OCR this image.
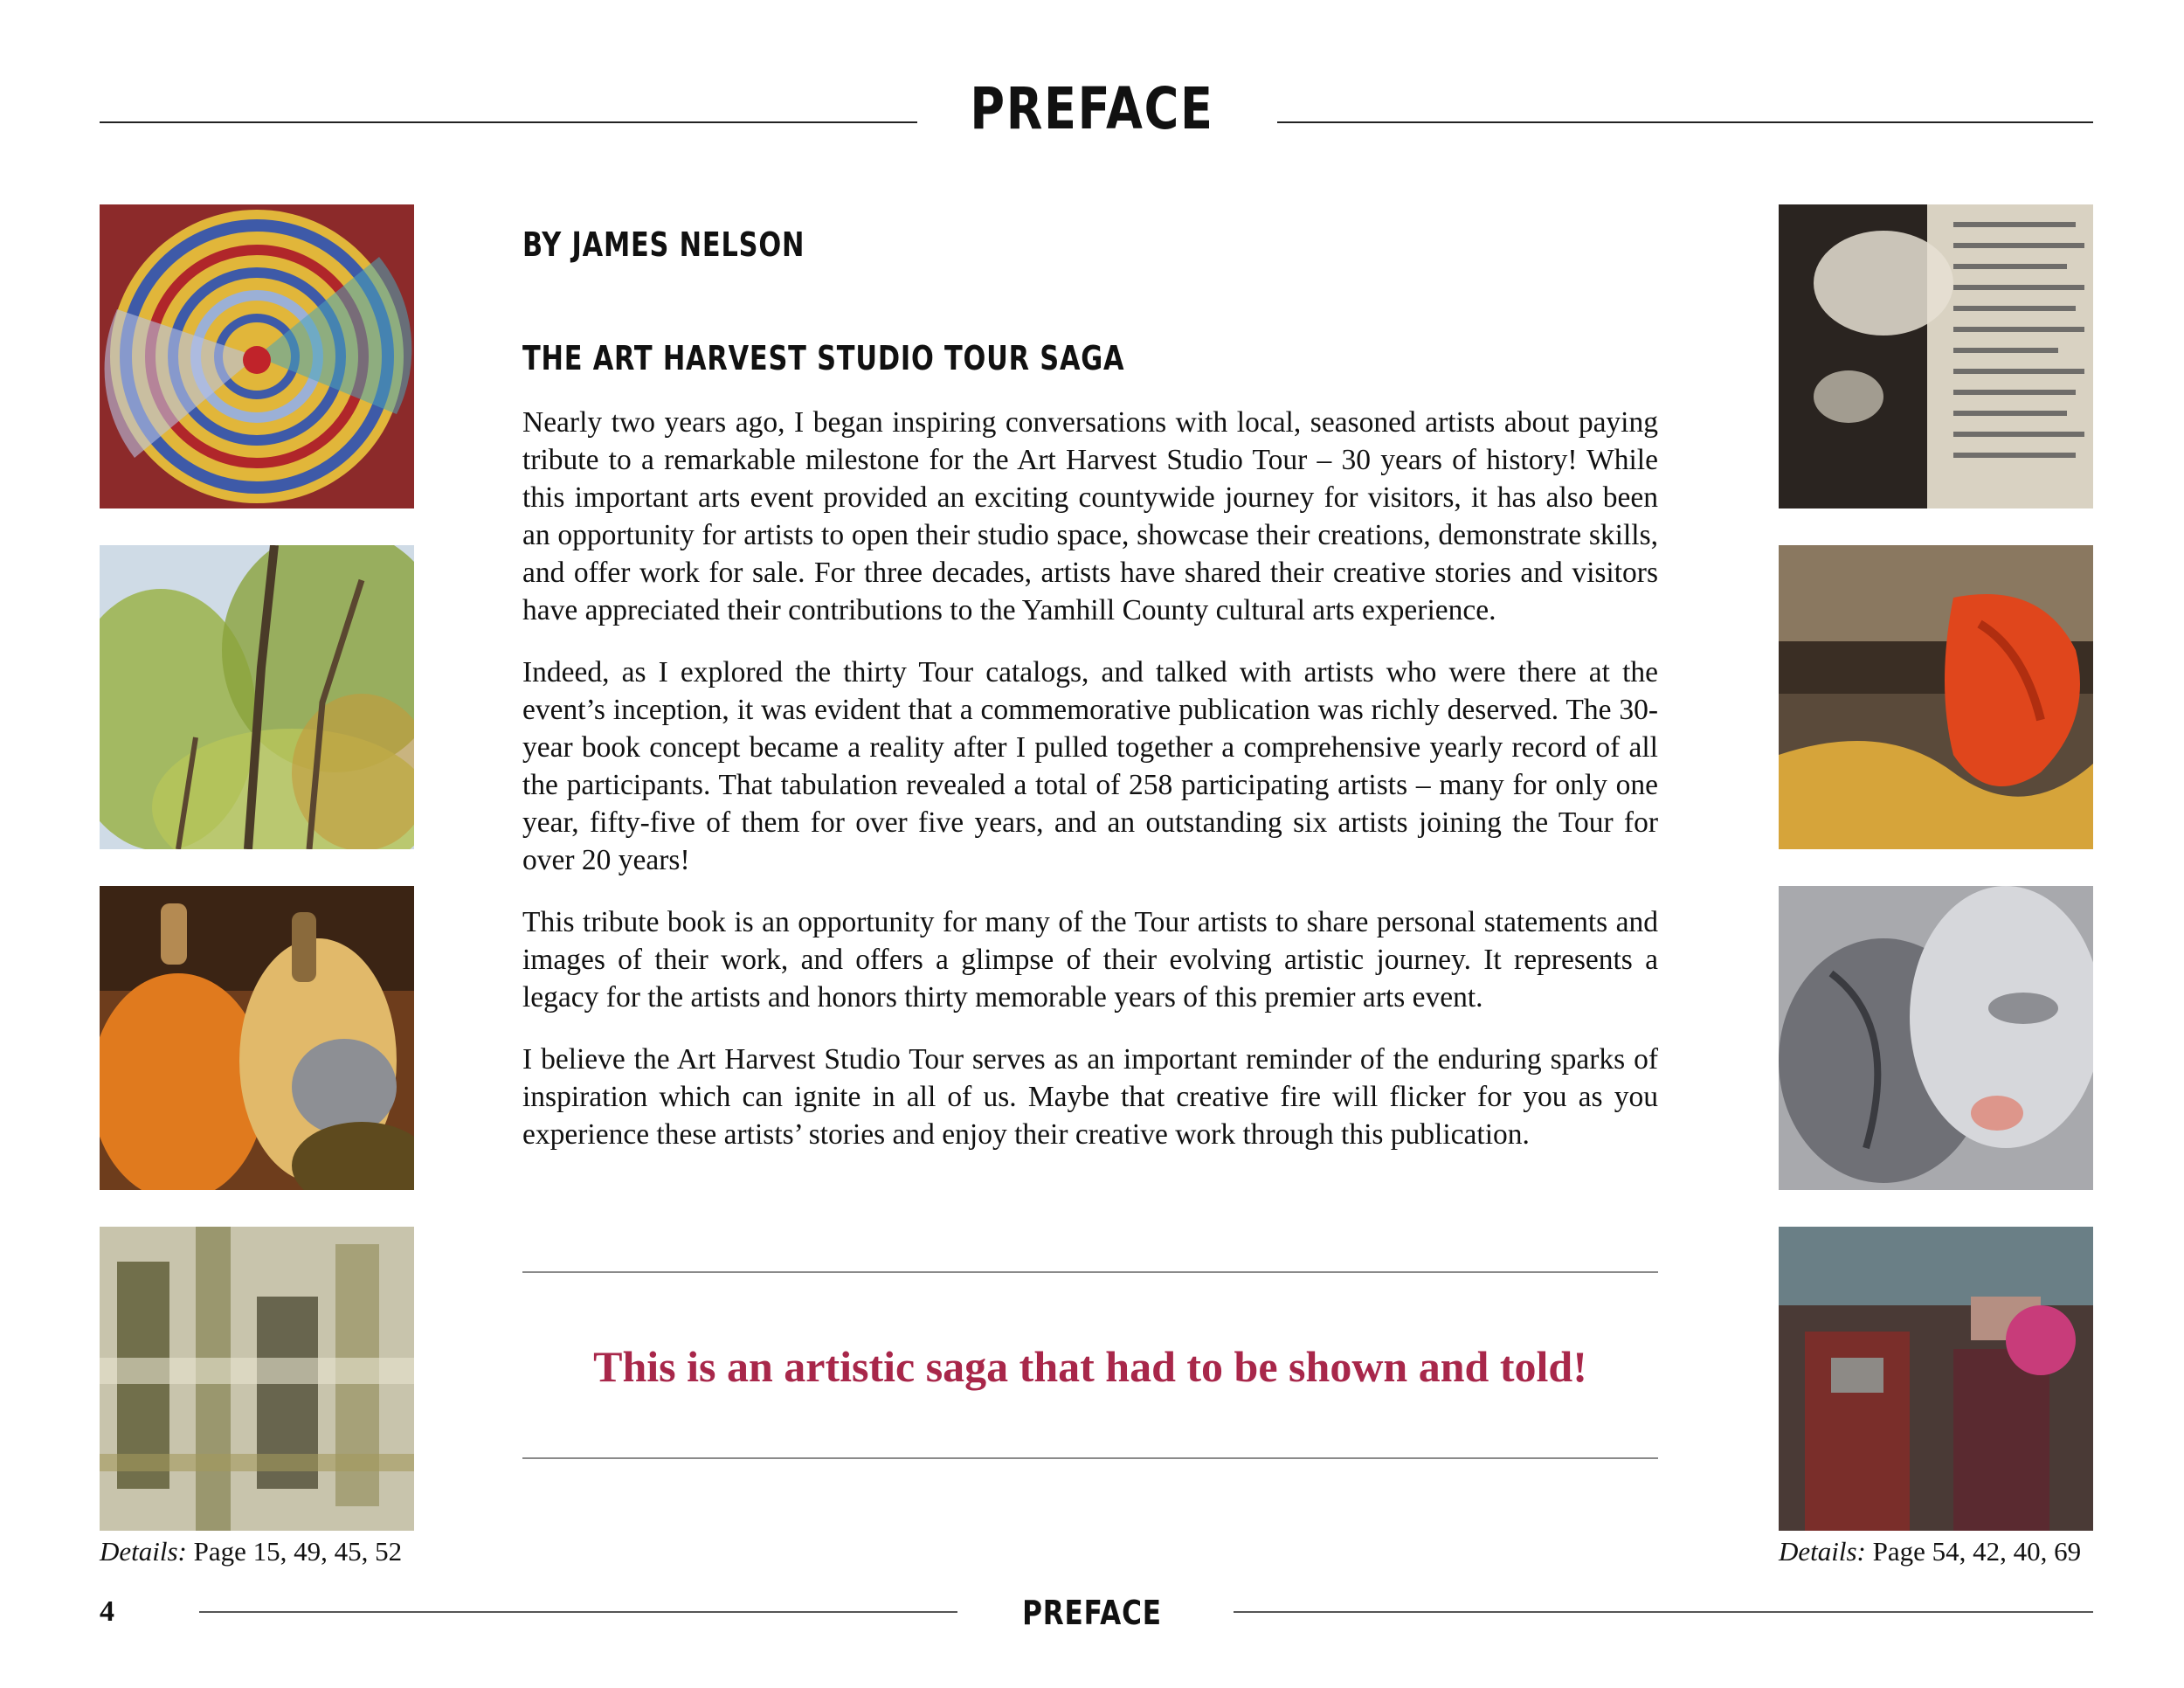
PREFACE
BY JAMES NELSON
THE ART HARVEST STUDIO TOUR SAGA

Nearly two years ago, I began inspiring conversations with local, seasoned artists about paying tribute to a remarkable milestone for the Art Harvest Studio Tour – 30 years of history! While this important arts event provided an exciting countywide journey for visitors, it has also been an opportunity for artists to open their studio space, showcase their creations, demonstrate skills, and offer work for sale. For three decades, artists have shared their creative stories and visitors have appreciated their contributions to the Yamhill County cultural arts experience.

Indeed, as I explored the thirty Tour catalogs, and talked with artists who were there at the event’s inception, it was evident that a commemorative publication was richly deserved. The 30-year book concept became a reality after I pulled together a comprehensive yearly record of all the participants. That tabulation revealed a total of 258 participating artists – many for only one year, fifty-five of them for over five years, and an outstanding six artists joining the Tour for over 20 years!

This tribute book is an opportunity for many of the Tour artists to share personal statements and images of their work, and offers a glimpse of their evolving artistic journey. It represents a legacy for the artists and honors thirty memorable years of this premier arts event.

I believe the Art Harvest Studio Tour serves as an important reminder of the enduring sparks of inspiration which can ignite in all of us. Maybe that creative fire will flicker for you as you experience these artists’ stories and enjoy their creative work through this publication.

This is an artistic saga that had to be shown and told!
Details: Page 15, 49, 45, 52	Details: Page 54, 42, 40, 69
4	PREFACE
